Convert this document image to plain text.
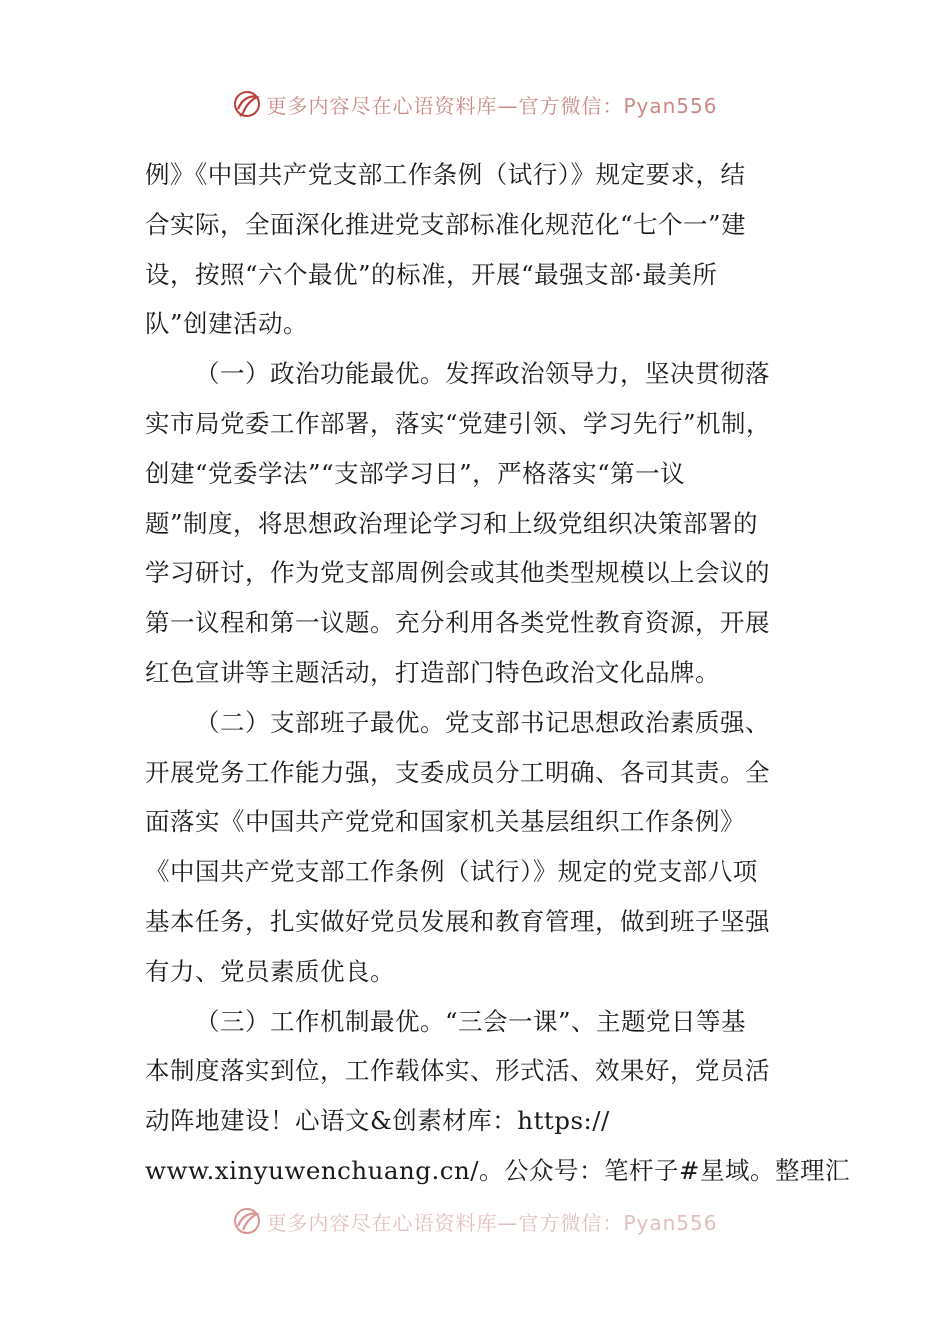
更多内容尽在心语资料库—官方微信：Pyan556
例》《中国共产党支部工作条例（试行）》规定要求，结
合实际，全面深化推进党支部标准化规范化“七个一”建
设，按照“六个最优”的标准，开展“最强支部·最美所
队”创建活动。
（一）政治功能最优。发挥政治领导力，坚决贯彻落
实市局党委工作部署，落实“党建引领、学习先行”机制，
创建“党委学法”“支部学习日”，严格落实“第一议
题”制度，将思想政治理论学习和上级党组织决策部署的
学习研讨，作为党支部周例会或其他类型规模以上会议的
第一议程和第一议题。充分利用各类党性教育资源，开展
红色宣讲等主题活动，打造部门特色政治文化品牌。
（二）支部班子最优。党支部书记思想政治素质强、
开展党务工作能力强，支委成员分工明确、各司其责。全
面落实《中国共产党党和国家机关基层组织工作条例》
《中国共产党支部工作条例（试行）》规定的党支部八项
基本任务，扎实做好党员发展和教育管理，做到班子坚强
有力、党员素质优良。
（三）工作机制最优。“三会一课”、主题党日等基
本制度落实到位，工作载体实、形式活、效果好，党员活
动阵地建设！心语文&创素材库：https://
www.xinyuwenchuang.cn/。公众号：笔杆子#星域。整理汇
更多内容尽在心语资料库—官方微信：Pyan556
